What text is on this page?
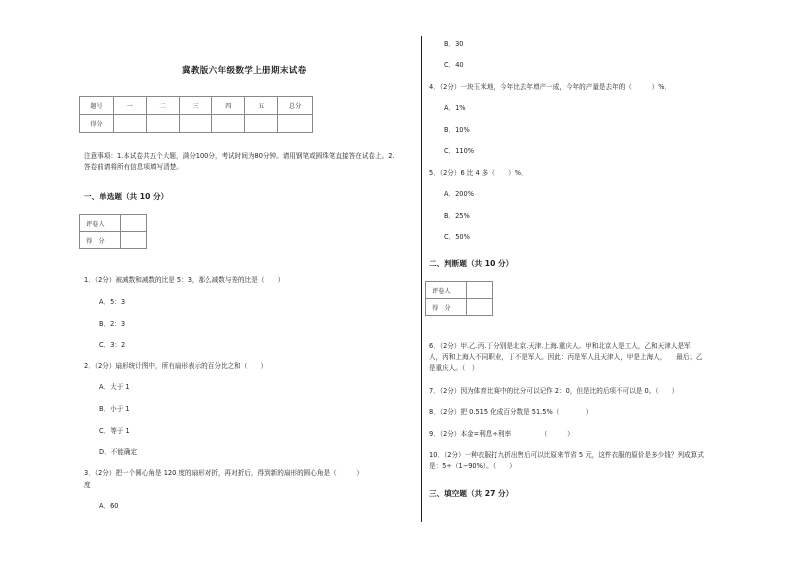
冀教版六年级数学上册期末试卷
题号	一	二	三	四	五	总分
得分						
注意事项：1.本试卷共五个大题，满分100分，考试时间为80分钟。请用钢笔或圆珠笔直接答在试卷上。2.
答卷前请将所有信息项填写清楚。
一、单选题（共 10 分）
评卷人	
得　分	
1．（2分）被减数和减数的比是 5：3，那么减数与差的比是（　　）
A．5：3
B．2：3
C．3：2
2．（2分）扇形统计图中，所有扇形表示的百分比之和（　　）
A．大于 1
B．小于 1
C．等于 1
D．不能确定
3．（2分）把一个圆心角是 120 度的扇形对折，再对折后，得到新的扇形的圆心角是（　　　）
度
A．60
B．30
C．40
4．（2分）一块玉米地，今年比去年增产一成，今年的产量是去年的（　　　）%．
A．1%
B．10%
C．110%
5．（2分）6 比 4 多（　　）%．
A．200%
B．25%
C．50%
二、判断题（共 10 分）
评卷人	
得　分	
6．（2分）甲.乙.丙.丁分别是北京.天津.上海.重庆人。甲和北京人是工人，乙和天津人是军
人，丙和上海人不同职业，丁不是军人。因此：丙是军人且天津人，甲是上海人，　　最后；乙
是重庆人。（　）
7．（2分）因为体育比赛中的比分可以记作 2：0，但是比的后项不可以是 0。（　　）
8．（2分）把 0.515 化成百分数是 51.5%（　　　　）
9．（2分）本金=利息÷利率　　　　　（　　　）
10．（2分）一种衣服打九折出售后可以比原来节省 5 元，这件衣服的原价是多少钱？列成算式
是：5÷（1−90%）。（　　）
三、填空题（共 27 分）
